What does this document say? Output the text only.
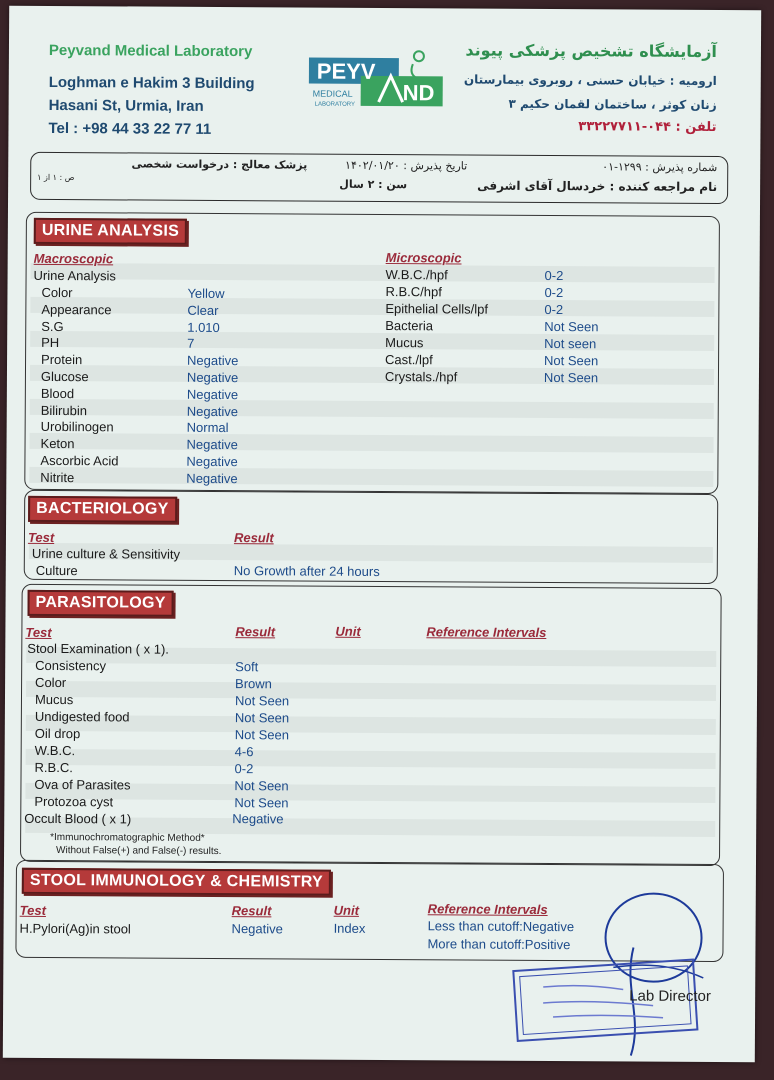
Peyvand Medical Laboratory
Loghman e Hakim 3 Building
Hasani St, Urmia, Iran
Tel : +98 44 33 22 77 11
PEYV
ND
MEDICAL
LABORATORY
آزمایشگاه تشخیص پزشکی پیوند
ارومیه : خیابان حسنی ، روبروی بیمارستان
زنان کوثر ، ساختمان لقمان حکیم ۳
تلفن : ۰۴۴-۳۳۲۲۷۷۱۱
شماره پذیرش : ۱۲۹۹-۰۱
نام مراجعه کننده : خردسال آقای اشرفی
تاریخ پذیرش : ۱۴۰۲/۰۱/۲۰
سن : ۲ سال
پزشک معالج : درخواست شخصی
ص : ۱ از ۱
URINE ANALYSIS
Macroscopic
Urine Analysis
Color	Yellow
Appearance	Clear
S.G	1.010
PH	7
Protein	Negative
Glucose	Negative
Blood	Negative
Bilirubin	Negative
Urobilinogen	Normal
Keton	Negative
Ascorbic Acid	Negative
Nitrite	Negative
Microscopic
W.B.C./hpf	0-2
R.B.C/hpf	0-2
Epithelial Cells/lpf	0-2
Bacteria	Not Seen
Mucus	Not seen
Cast./lpf	Not Seen
Crystals./hpf	Not Seen
BACTERIOLOGY
Test	Result
Urine culture & Sensitivity
Culture	No Growth after 24 hours
PARASITOLOGY
Test	Result	Unit	Reference Intervals
Stool Examination ( x 1).
Consistency	Soft
Color	Brown
Mucus	Not Seen
Undigested food	Not Seen
Oil drop	Not Seen
W.B.C.	4-6
R.B.C.	0-2
Ova of Parasites	Not Seen
Protozoa cyst	Not Seen
Occult Blood ( x 1)	Negative
*Immunochromatographic Method*
Without False(+) and False(-) results.
STOOL IMMUNOLOGY & CHEMISTRY
Test	Result	Unit	Reference Intervals
H.Pylori(Ag)in stool	Negative	Index	Less than cutoff:Negative
More than cutoff:Positive
Lab Director
